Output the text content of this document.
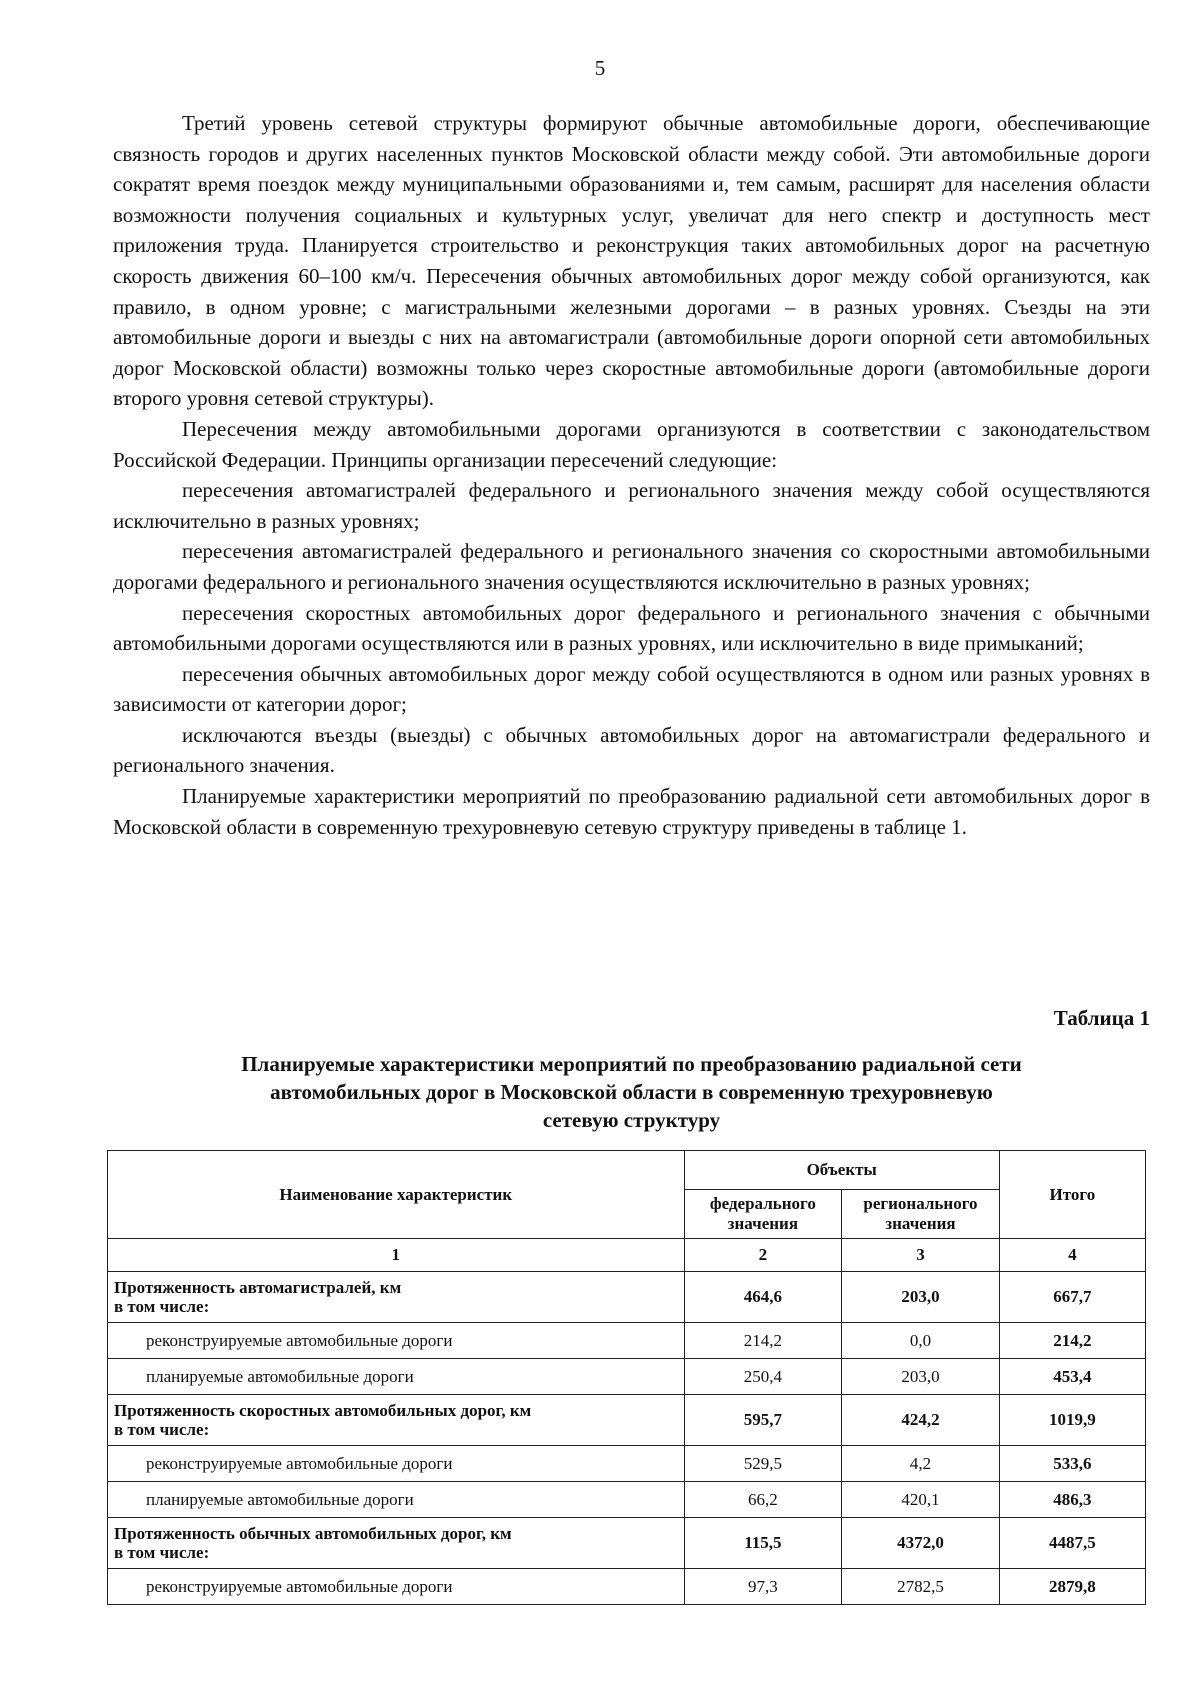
5

Третий уровень сетевой структуры формируют обычные автомобильные дороги, обеспечивающие связность городов и других населенных пунктов Московской области между собой. Эти автомобильные дороги сократят время поездок между муниципальными образованиями и, тем самым, расширят для населения области возможности получения социальных и культурных услуг, увеличат для него спектр и доступность мест приложения труда. Планируется строительство и реконструкция таких автомобильных дорог на расчетную скорость движения 60–100 км/ч. Пересечения обычных автомобильных дорог между собой организуются, как правило, в одном уровне; с магистральными железными дорогами – в разных уровнях. Съезды на эти автомобильные дороги и выезды с них на автомагистрали (автомобильные дороги опорной сети автомобильных дорог Московской области) возможны только через скоростные автомобильные дороги (автомобильные дороги второго уровня сетевой структуры).

Пересечения между автомобильными дорогами организуются в соответствии с законодательством Российской Федерации. Принципы организации пересечений следующие:

пересечения автомагистралей федерального и регионального значения между собой осуществляются исключительно в разных уровнях;

пересечения автомагистралей федерального и регионального значения со скоростными автомобильными дорогами федерального и регионального значения осуществляются исключительно в разных уровнях;

пересечения скоростных автомобильных дорог федерального и регионального значения с обычными автомобильными дорогами осуществляются или в разных уровнях, или исключительно в виде примыканий;

пересечения обычных автомобильных дорог между собой осуществляются в одном или разных уровнях в зависимости от категории дорог;

исключаются въезды (выезды) с обычных автомобильных дорог на автомагистрали федерального и регионального значения.

Планируемые характеристики мероприятий по преобразованию радиальной сети автомобильных дорог в Московской области в современную трехуровневую сетевую структуру приведены в таблице 1.

Таблица 1
Планируемые характеристики мероприятий по преобразованию радиальной сети
автомобильных дорог в Московской области в современную трехуровневую
сетевую структуру
Наименование характеристик	Объекты		Итого
	федерального значения	регионального значения	
1	2	3	4

Протяженность автомагистралей, км
в том числе:	464,6	203,0	667,7
реконструируемые автомобильные дороги	214,2	0,0	214,2
планируемые автомобильные дороги	250,4	203,0	453,4

Протяженность скоростных автомобильных дорог, км
в том числе:	595,7	424,2	1019,9
реконструируемые автомобильные дороги	529,5	4,2	533,6
планируемые автомобильные дороги	66,2	420,1	486,3

Протяженность обычных автомобильных дорог, км
в том числе:	115,5	4372,0	4487,5
реконструируемые автомобильные дороги	97,3	2782,5	2879,8
